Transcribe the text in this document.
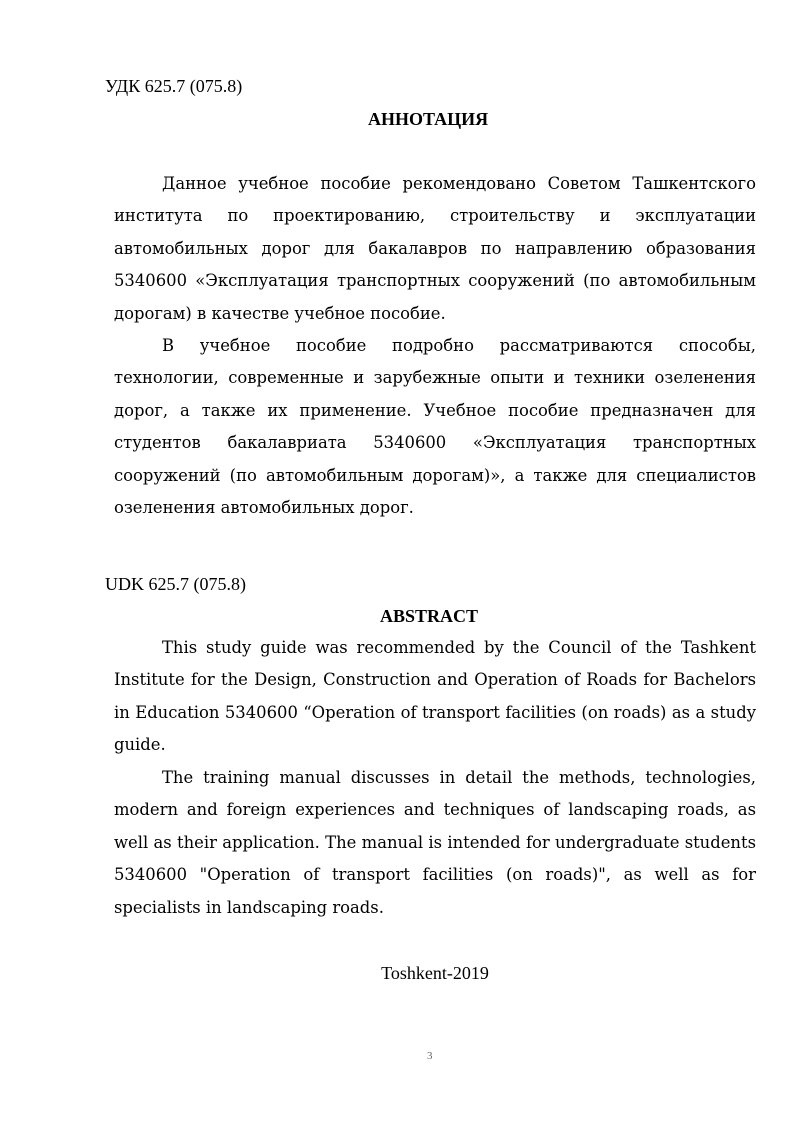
УДК 625.7 (075.8)
АННОТАЦИЯ

Данное учебное пособие рекомендовано Советом Ташкентского института по проектированию, строительству и эксплуатации автомобильных дорог для бакалавров по направлению образования 5340600 «Эксплуатация транспортных сооружений (по автомобильным дорогам) в качестве учебное пособие.

В учебное пособие подробно рассматриваются способы, технологии, современные и зарубежные опыти и техники озеленения дорог, а также их применение. Учебное пособие предназначен для студентов бакалавриата 5340600 «Эксплуатация транспортных сооружений (по автомобильным дорогам)», а также для специалистов озеленения автомобильных дорог.

UDK 625.7 (075.8)
ABSTRACT

This study guide was recommended by the Council of the Tashkent Institute for the Design, Construction and Operation of Roads for Bachelors in Education 5340600 “Operation of transport facilities (on roads) as a study guide.

The training manual discusses in detail the methods, technologies, modern and foreign experiences and techniques of landscaping roads, as well as their application. The manual is intended for undergraduate students 5340600 "Operation of transport facilities (on roads)", as well as for specialists in landscaping roads.

Toshkent-2019
3
